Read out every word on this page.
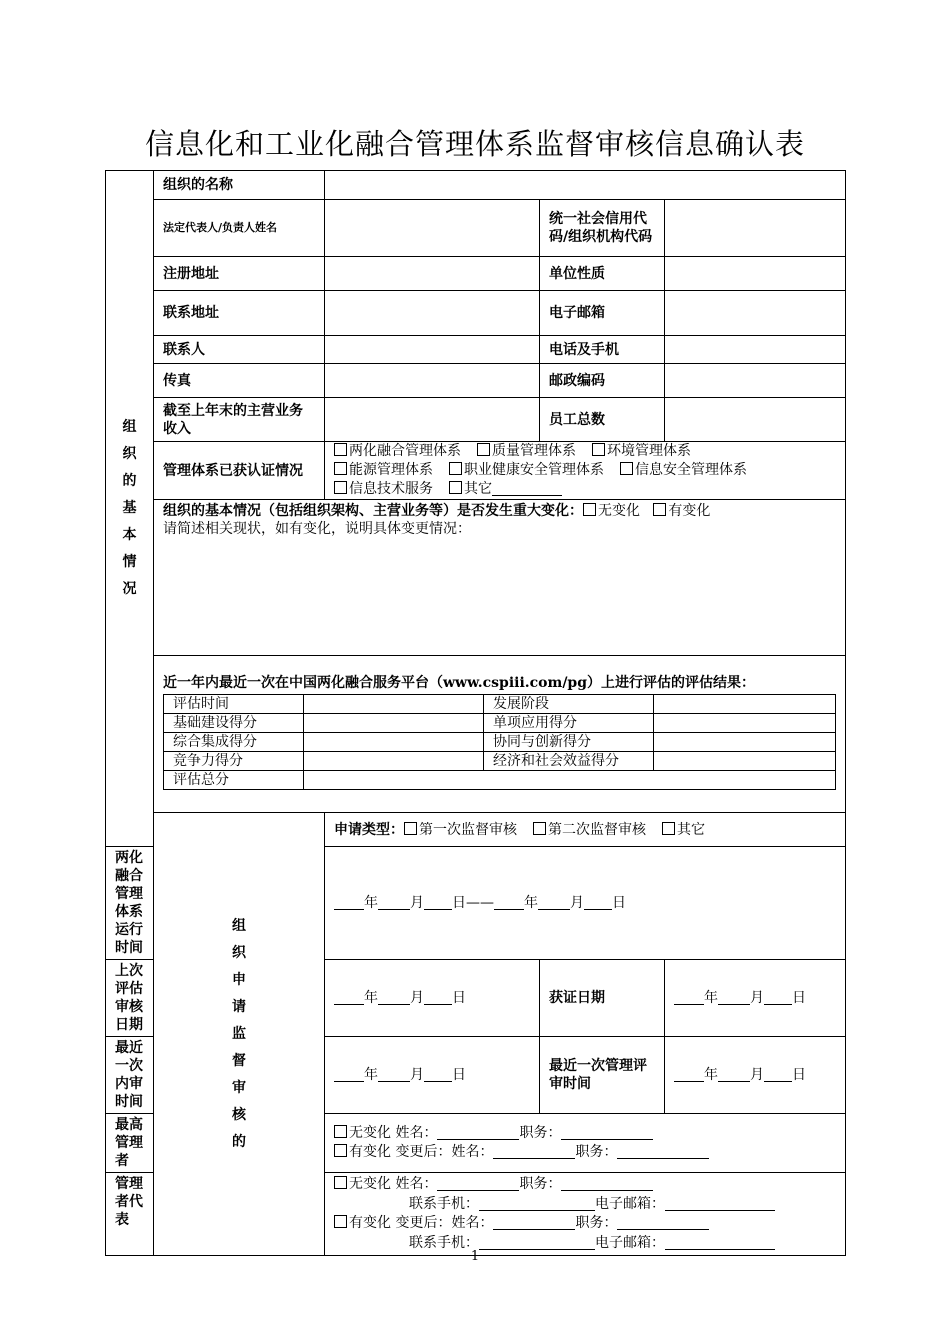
信息化和工业化融合管理体系监督审核信息确认表
组
织
的
基
本
情
况
	组织的名称	
法定代表人/负责人姓名		统一社会信用代码/组织机构代码	
注册地址		单位性质	
联系地址		电子邮箱	
联系人		电话及手机	
传真		邮政编码	
截至上年末的主营业务收入		员工总数	
管理体系已获认证情况	两化融合管理体系 质量管理体系 环境管理体系
能源管理体系 职业健康安全管理体系 信息安全管理体系
信息技术服务 其它
组织的基本情况（包括组织架构、主营业务等）是否发生重大变化： 无变化 有变化
请简述相关现状，如有变化，说明具体变更情况：

近一年内最近一次在中国两化融合服务平台（www.cspiii.com/pg）上进行评估的评估结果：
评估时间		发展阶段	
基础建设得分		单项应用得分	
综合集成得分		协同与创新得分	
竞争力得分		经济和社会效益得分	
评估总分	

组
织
申
请
监
督
审
核
的
	申请类型： 第一次监督审核 第二次监督审核 其它
两化融合管理体系运行时间	年 月 日—— 年 月 日
上次评估审核日期	年 月 日	获证日期	年 月 日
最近一次内审时间	年 月 日	最近一次管理评审时间	年 月 日
最高管理者	无变化 姓名：	职务：
有变化 变更后：姓名：	职务：
管理者代表	无变化 姓名：	职务：
联系手机：	电子邮箱：
有变化 变更后：姓名：	职务：
联系手机：	电子邮箱：
1
